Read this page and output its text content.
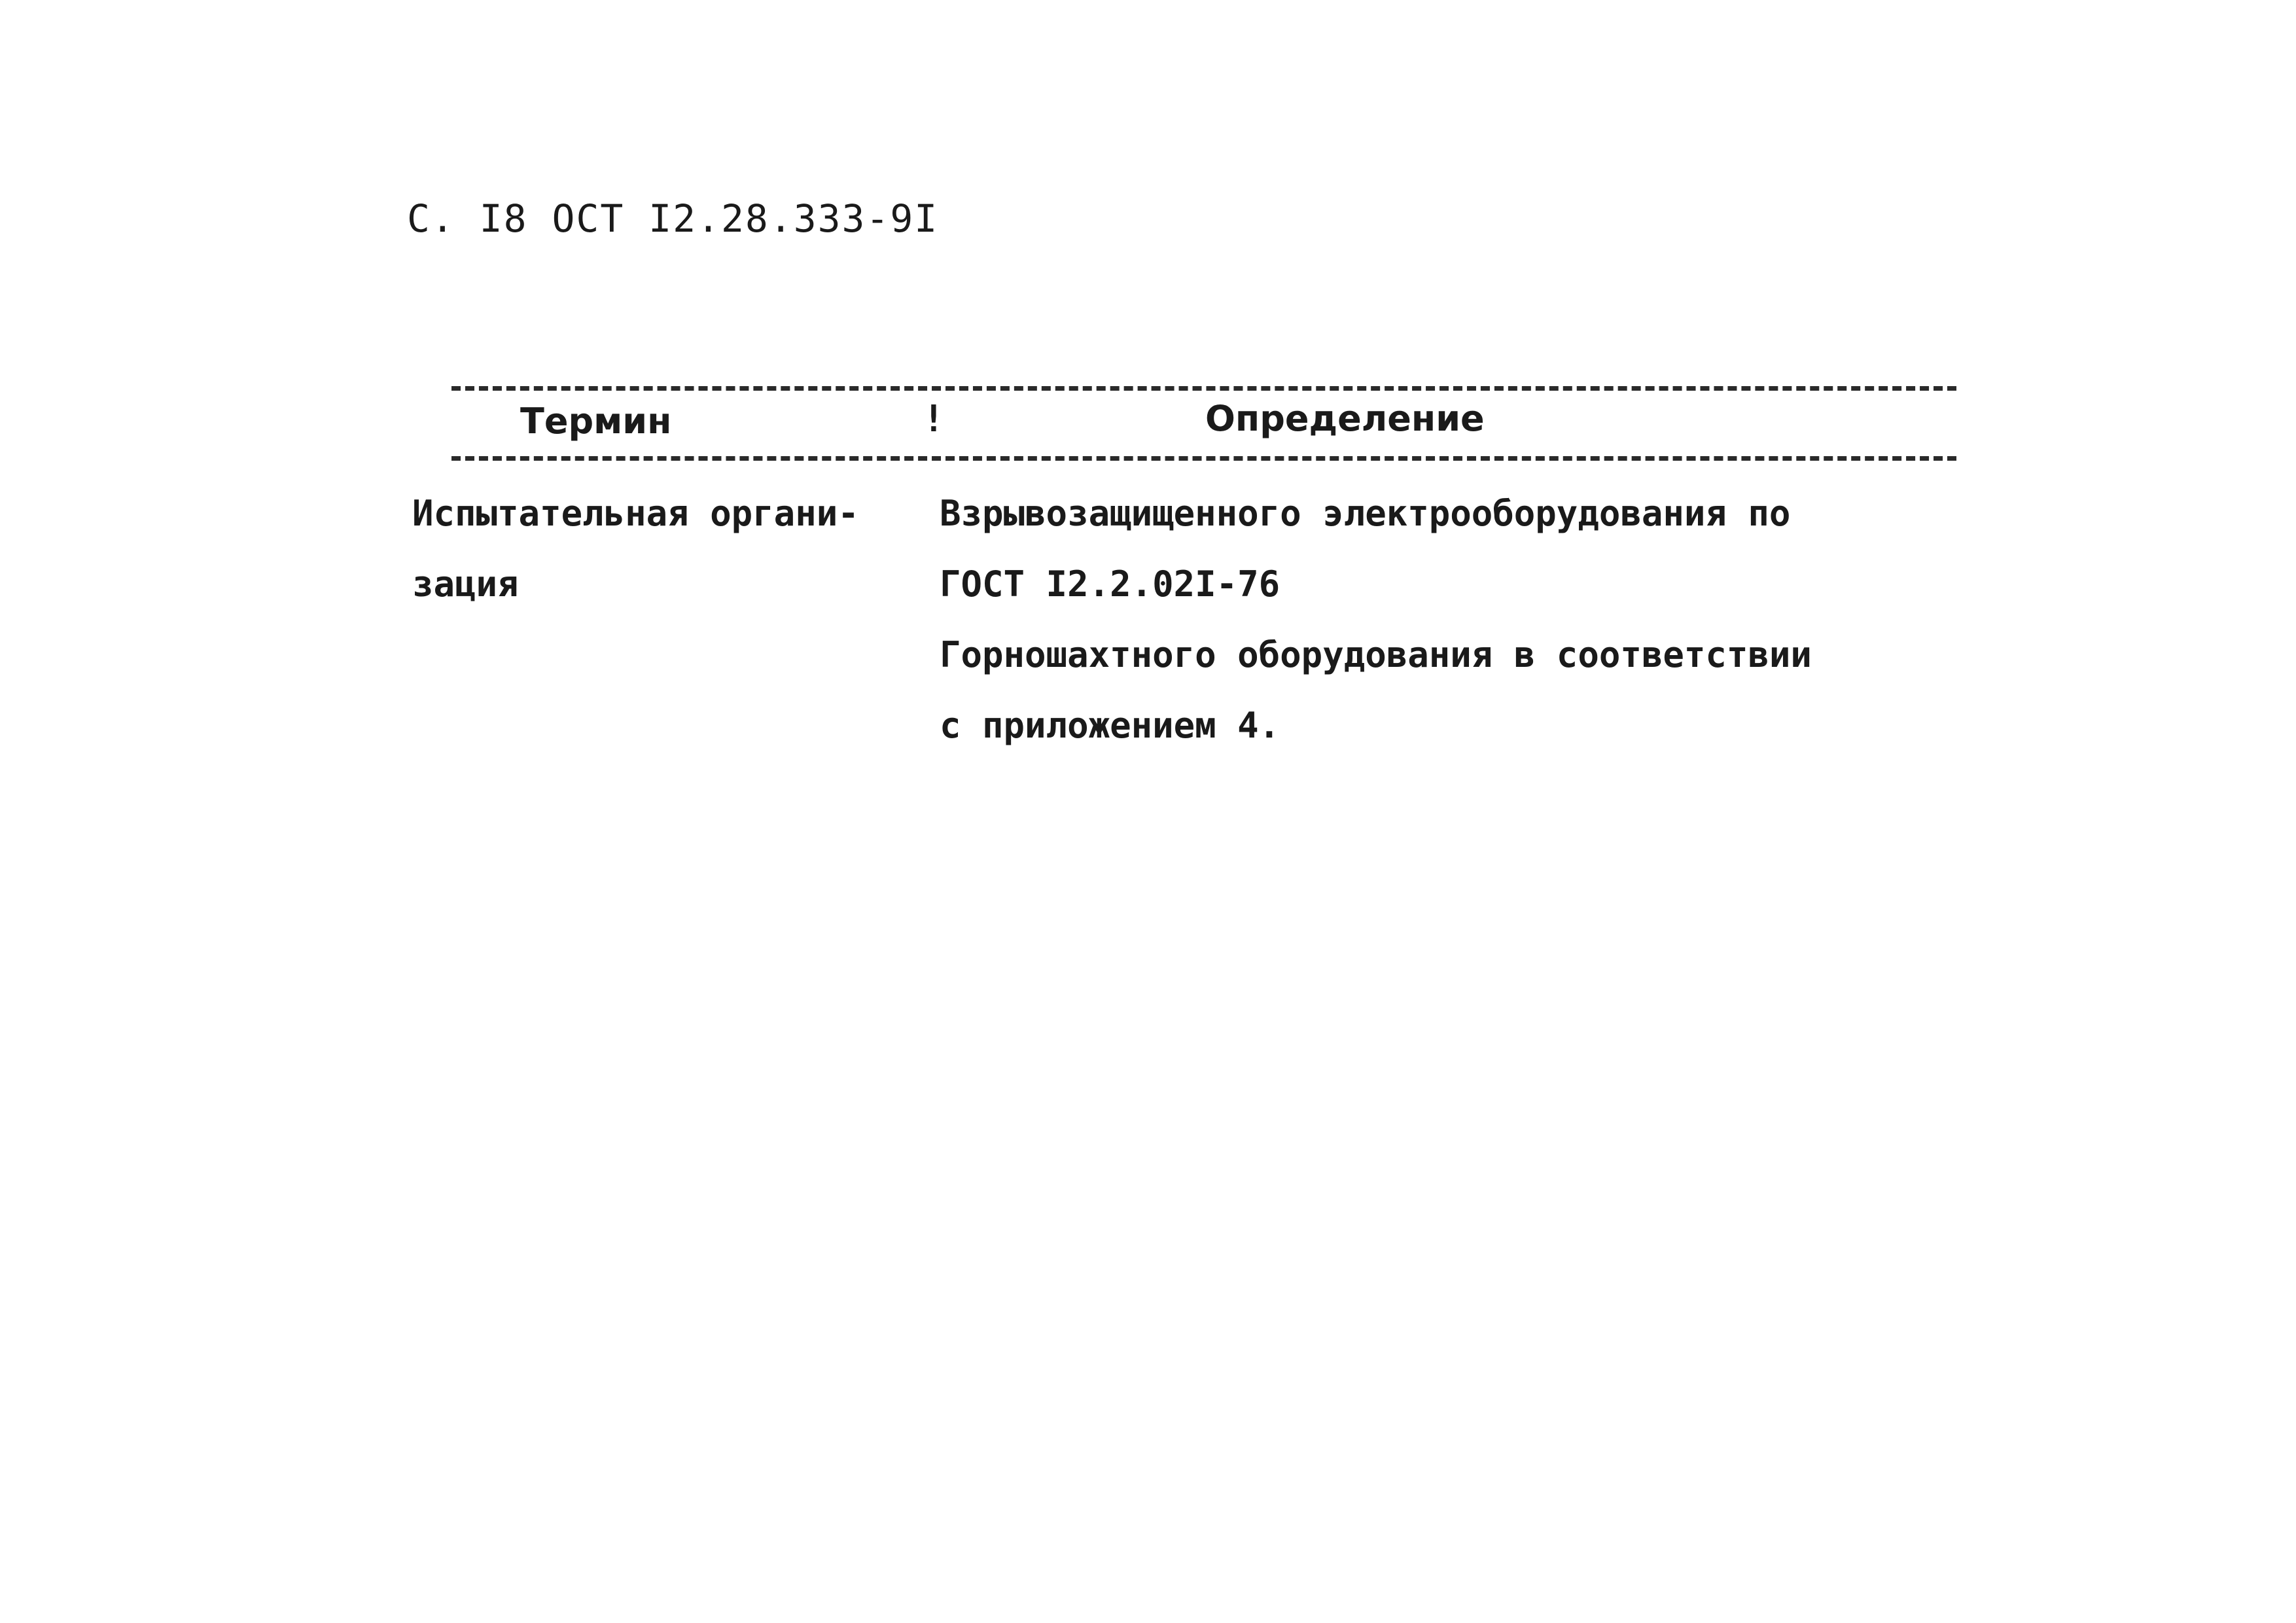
С. I8 ОСТ I2.28.333-9I
Термин	!	Определение
Испытательная органи-
зация
Взрывозащищенного электрооборудования по
ГОСТ I2.2.02I-76
Горношахтного оборудования в соответствии
с приложением 4.
